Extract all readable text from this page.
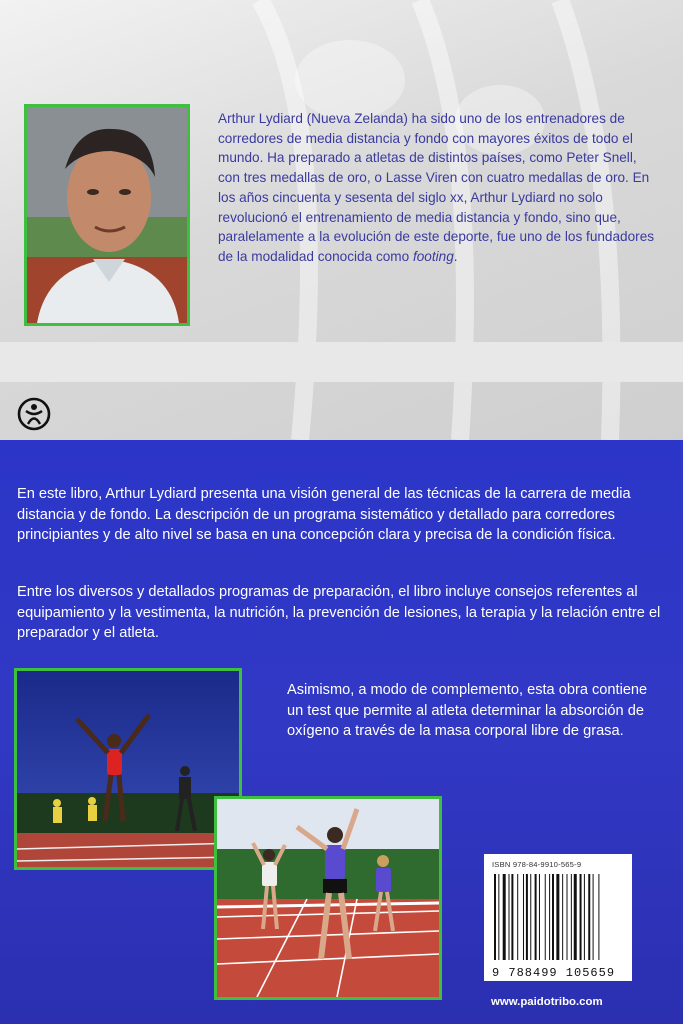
Arthur Lydiard (Nueva Zelanda) ha sido uno de los entrenadores de corredores de media distancia y fondo con mayores éxitos de todo el mundo. Ha preparado a atletas de distintos países, como Peter Snell, con tres medallas de oro, o Lasse Viren con cuatro medallas de oro. En los años cincuenta y sesenta del siglo xx, Arthur Lydiard no solo revolucionó el entrenamiento de media distancia y fondo, sino que, paralelamente a la evolución de este deporte, fue uno de los fundadores de la modalidad conocida como footing.
En este libro, Arthur Lydiard presenta una visión general de las técnicas de la carrera de media distancia y de fondo. La descripción de un programa sistemático y detallado para corredores principiantes y de alto nivel se basa en una concepción clara y precisa de la condición física.
Entre los diversos y detallados programas de preparación, el libro incluye consejos referentes al equipamiento y la vestimenta, la nutrición, la prevención de lesiones, la terapia y la relación entre el preparador y el atleta.
Asimismo, a modo de complemento, esta obra contiene un test que permite al atleta determinar la absorción de oxígeno a través de la masa corporal libre de grasa.
ISBN 978-84-9910-565-9
9 788499 105659
www.paidotribo.com
